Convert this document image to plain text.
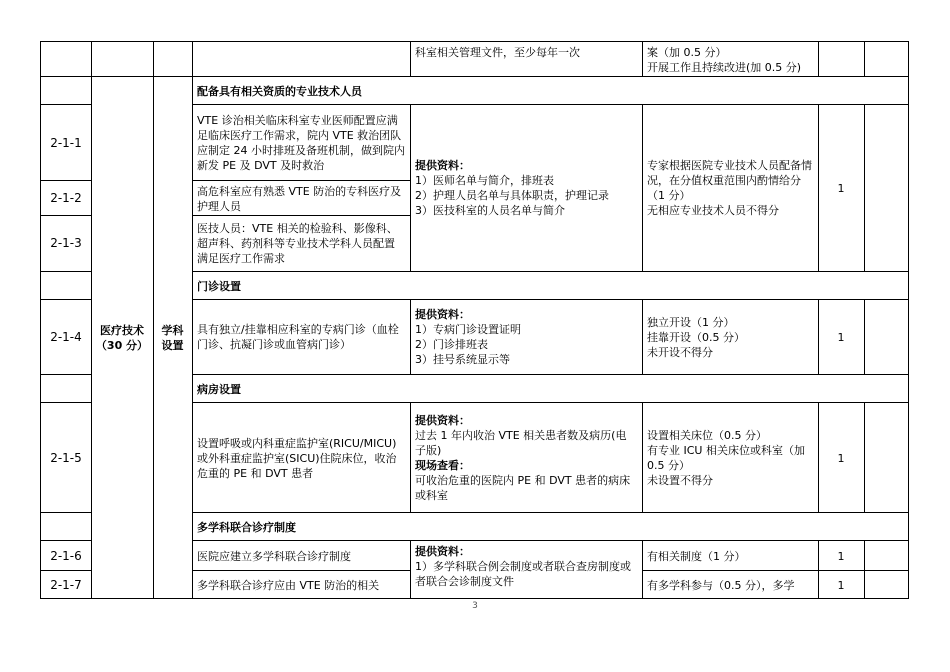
科室相关管理文件，至少每年一次	案（加 0.5 分）
开展工作且持续改进(加 0.5 分)
配备具有相关资质的专业技术人员
2-1-1
2-1-2
2-1-3
VTE 诊治相关临床科室专业医师配置应满足临床医疗工作需求，院内 VTE 救治团队应制定 24 小时排班及备班机制，做到院内新发 PE 及 DVT 及时救治
高危科室应有熟悉 VTE 防治的专科医疗及护理人员
医技人员：VTE 相关的检验科、影像科、超声科、药剂科等专业技术学科人员配置满足医疗工作需求
提供资料：
1）医师名单与简介，排班表
2）护理人员名单与具体职责，护理记录
3）医技科室的人员名单与简介
专家根据医院专业技术人员配备情况，在分值权重范围内酌情给分（1 分）
无相应专业技术人员不得分
1
医疗技术
（30 分）
学科
设置
门诊设置
2-1-4	具有独立/挂靠相应科室的专病门诊（血栓门诊、抗凝门诊或血管病门诊）
提供资料：
1）专病门诊设置证明
2）门诊排班表
3）挂号系统显示等
独立开设（1 分）
挂靠开设（0.5 分）
未开设不得分
1
病房设置
2-1-5
设置呼吸或内科重症监护室(RICU/MICU)或外科重症监护室(SICU)住院床位，收治危重的 PE 和 DVT 患者
提供资料：
过去 1 年内收治 VTE 相关患者数及病历(电子版)
现场查看：
可收治危重的医院内 PE 和 DVT 患者的病床或科室
设置相关床位（0.5 分）
有专业 ICU 相关床位或科室（加 0.5 分）
未设置不得分
1
多学科联合诊疗制度
2-1-6
2-1-7
医院应建立多学科联合诊疗制度
多学科联合诊疗应由 VTE 防治的相关
提供资料：
1）多学科联合例会制度或者联合查房制度或者联合会诊制度文件
有相关制度（1 分）
有多学科参与（0.5 分），多学
1
1
3
